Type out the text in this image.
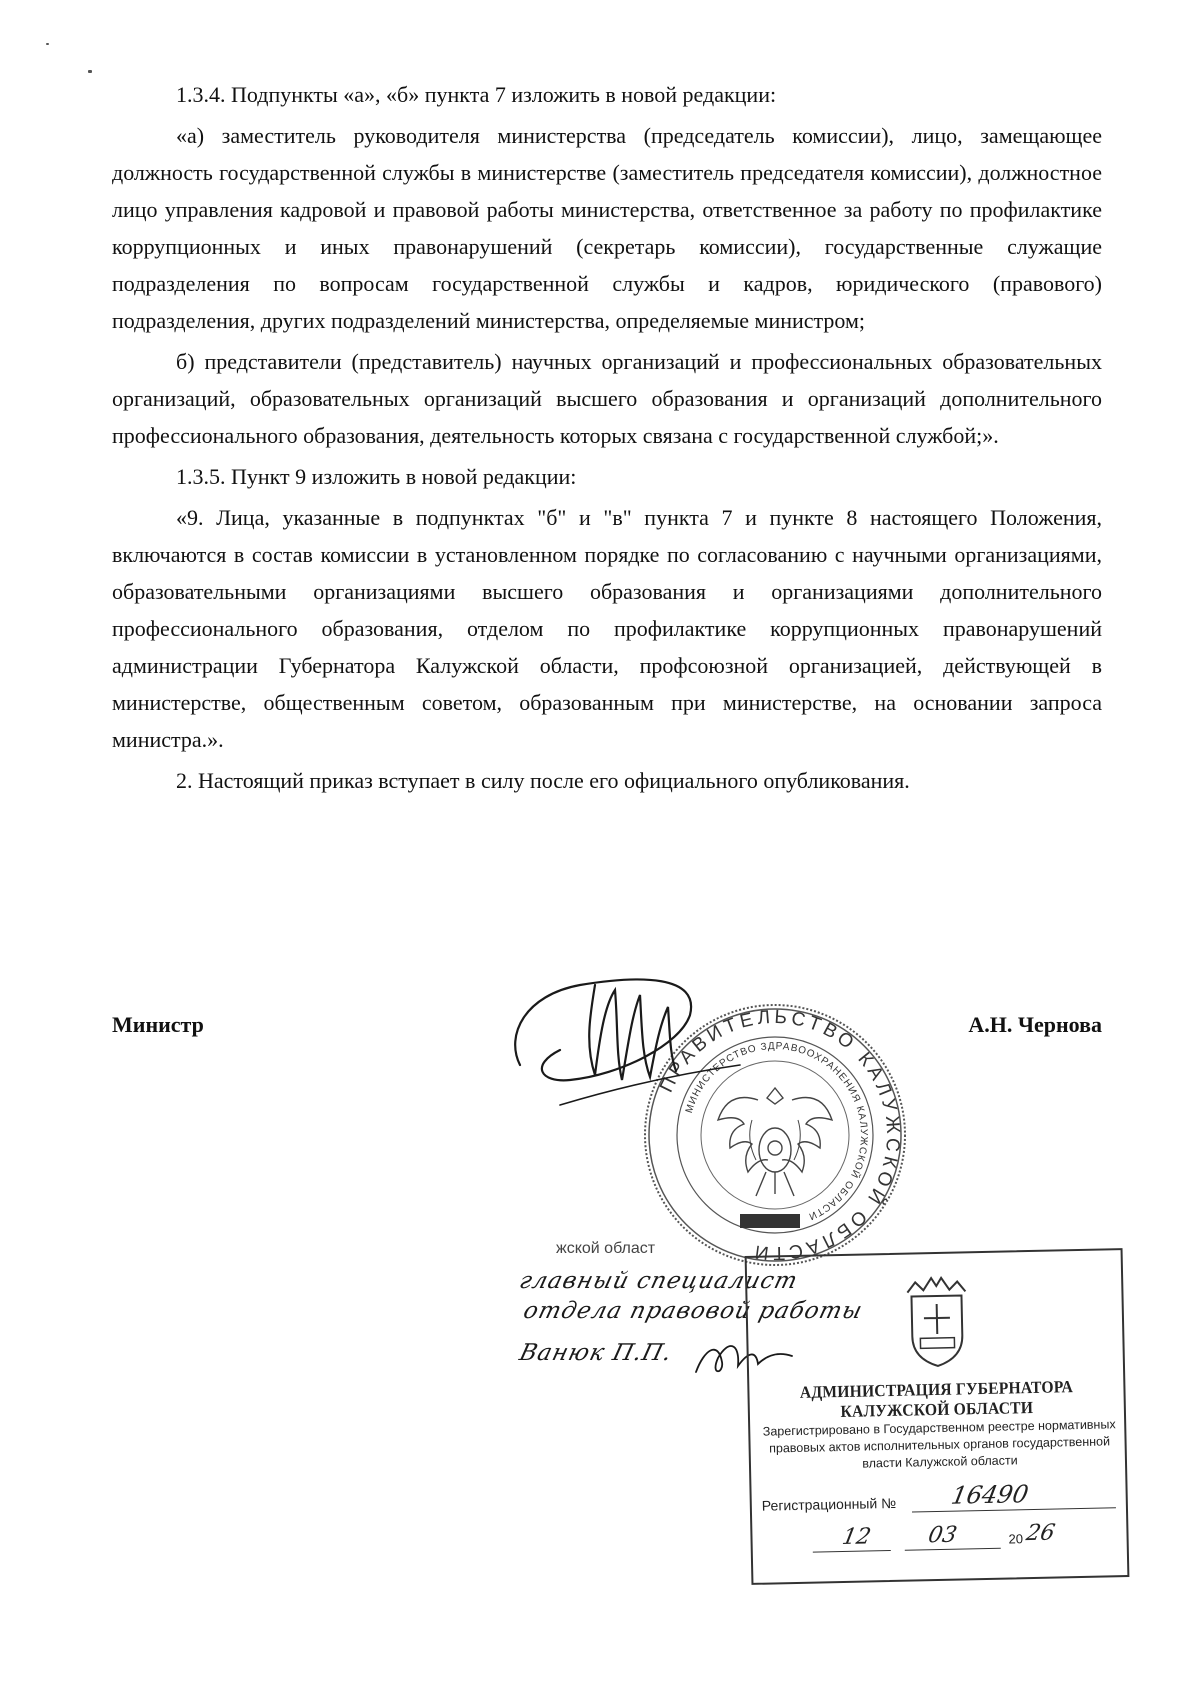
1.3.4. Подпункты «а», «б» пункта 7 изложить в новой редакции:

«а) заместитель руководителя министерства (председатель комиссии), лицо, замещающее должность государственной службы в министерстве (заместитель председателя комиссии), должностное лицо управления кадровой и правовой работы министерства, ответственное за работу по профилактике коррупционных и иных правонарушений (секретарь комиссии), государственные служащие подразделения по вопросам государственной службы и кадров, юридического (правового) подразделения, других подразделений министерства, определяемые министром;

б) представители (представитель) научных организаций и профессиональных образовательных организаций, образовательных организаций высшего образования и организаций дополнительного профессионального образования, деятельность которых связана с государственной службой;».

1.3.5. Пункт 9 изложить в новой редакции:

«9. Лица, указанные в подпунктах "б" и "в" пункта 7 и пункте 8 настоящего Положения, включаются в состав комиссии в установленном порядке по согласованию с научными организациями, образовательными организациями высшего образования и организациями дополнительного профессионального образования, отделом по профилактике коррупционных правонарушений администрации Губернатора Калужской области, профсоюзной организацией, действующей в министерстве, общественным советом, образованным при министерстве, на основании запроса министра.».

2. Настоящий приказ вступает в силу после его официального опубликования.

Министр	А.Н. Чернова
ПРАВИТЕЛЬСТВО КАЛУЖСКОЙ ОБЛАСТИ
МИНИСТЕРСТВО ЗДРАВООХРАНЕНИЯ КАЛУЖСКОЙ ОБЛАСТИ
жской област
главный специалист
отдела правовой работы
Ванюк П.П.
АДМИНИСТРАЦИЯ ГУБЕРНАТОРА КАЛУЖСКОЙ ОБЛАСТИ
Зарегистрировано в Государственном реестре нормативных правовых актов исполнительных органов государственной власти Калужской области
Регистрационный № 16490
12 03	20 26
